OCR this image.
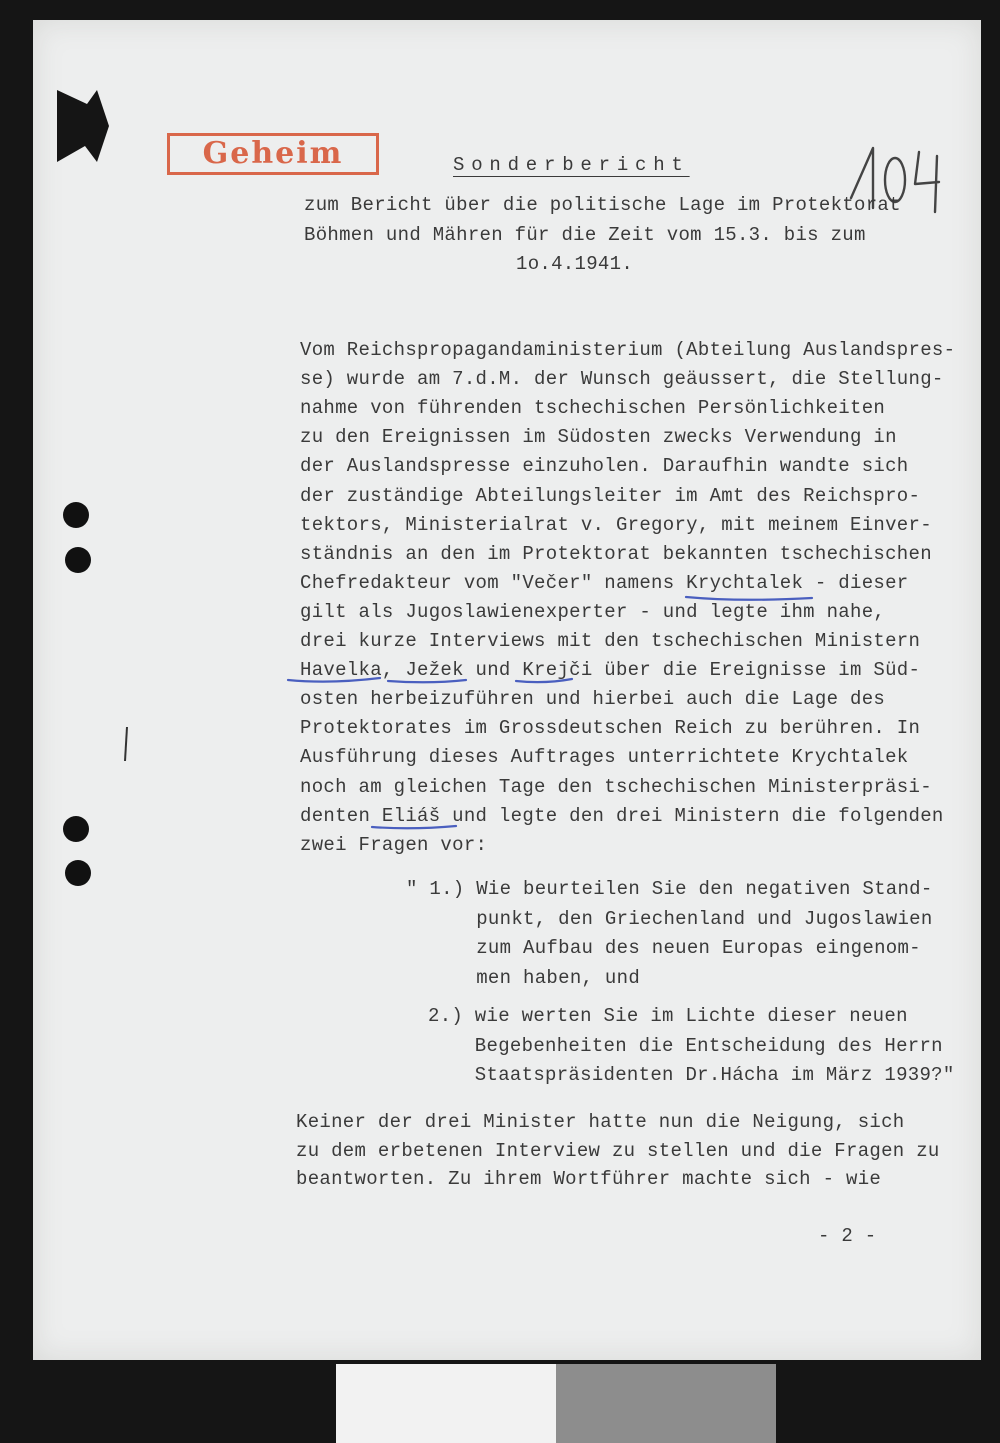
Geheim	Sonderbericht
zum Bericht über die politische Lage im Protektorat
Böhmen und Mähren für die Zeit vom 15.3. bis zum
1o.4.1941.
Vom Reichspropagandaministerium (Abteilung Auslandspres-
se) wurde am 7.d.M. der Wunsch geäussert, die Stellung-
nahme von führenden tschechischen Persönlichkeiten
zu den Ereignissen im Südosten zwecks Verwendung in
der Auslandspresse einzuholen. Daraufhin wandte sich
der zuständige Abteilungsleiter im Amt des Reichspro-
tektors, Ministerialrat v. Gregory, mit meinem Einver-
ständnis an den im Protektorat bekannten tschechischen
Chefredakteur vom "Večer" namens Krychtalek - dieser
gilt als Jugoslawienexperter - und legte ihm nahe,
drei kurze Interviews mit den tschechischen Ministern
Havelka, Ježek und Krejči über die Ereignisse im Süd-
osten herbeizuführen und hierbei auch die Lage des
Protektorates im Grossdeutschen Reich zu berühren. In
Ausführung dieses Auftrages unterrichtete Krychtalek
noch am gleichen Tage den tschechischen Ministerpräsi-
denten Eliáš und legte den drei Ministern die folgenden
zwei Fragen vor:
" 1.) Wie beurteilen Sie den negativen Stand-
punkt, den Griechenland und Jugoslawien
zum Aufbau des neuen Europas eingenom-
men haben, und
2.) wie werten Sie im Lichte dieser neuen
Begebenheiten die Entscheidung des Herrn
Staatspräsidenten Dr.Hácha im März 1939?"
Keiner der drei Minister hatte nun die Neigung, sich
zu dem erbetenen Interview zu stellen und die Fragen zu
beantworten. Zu ihrem Wortführer machte sich - wie
- 2 -
